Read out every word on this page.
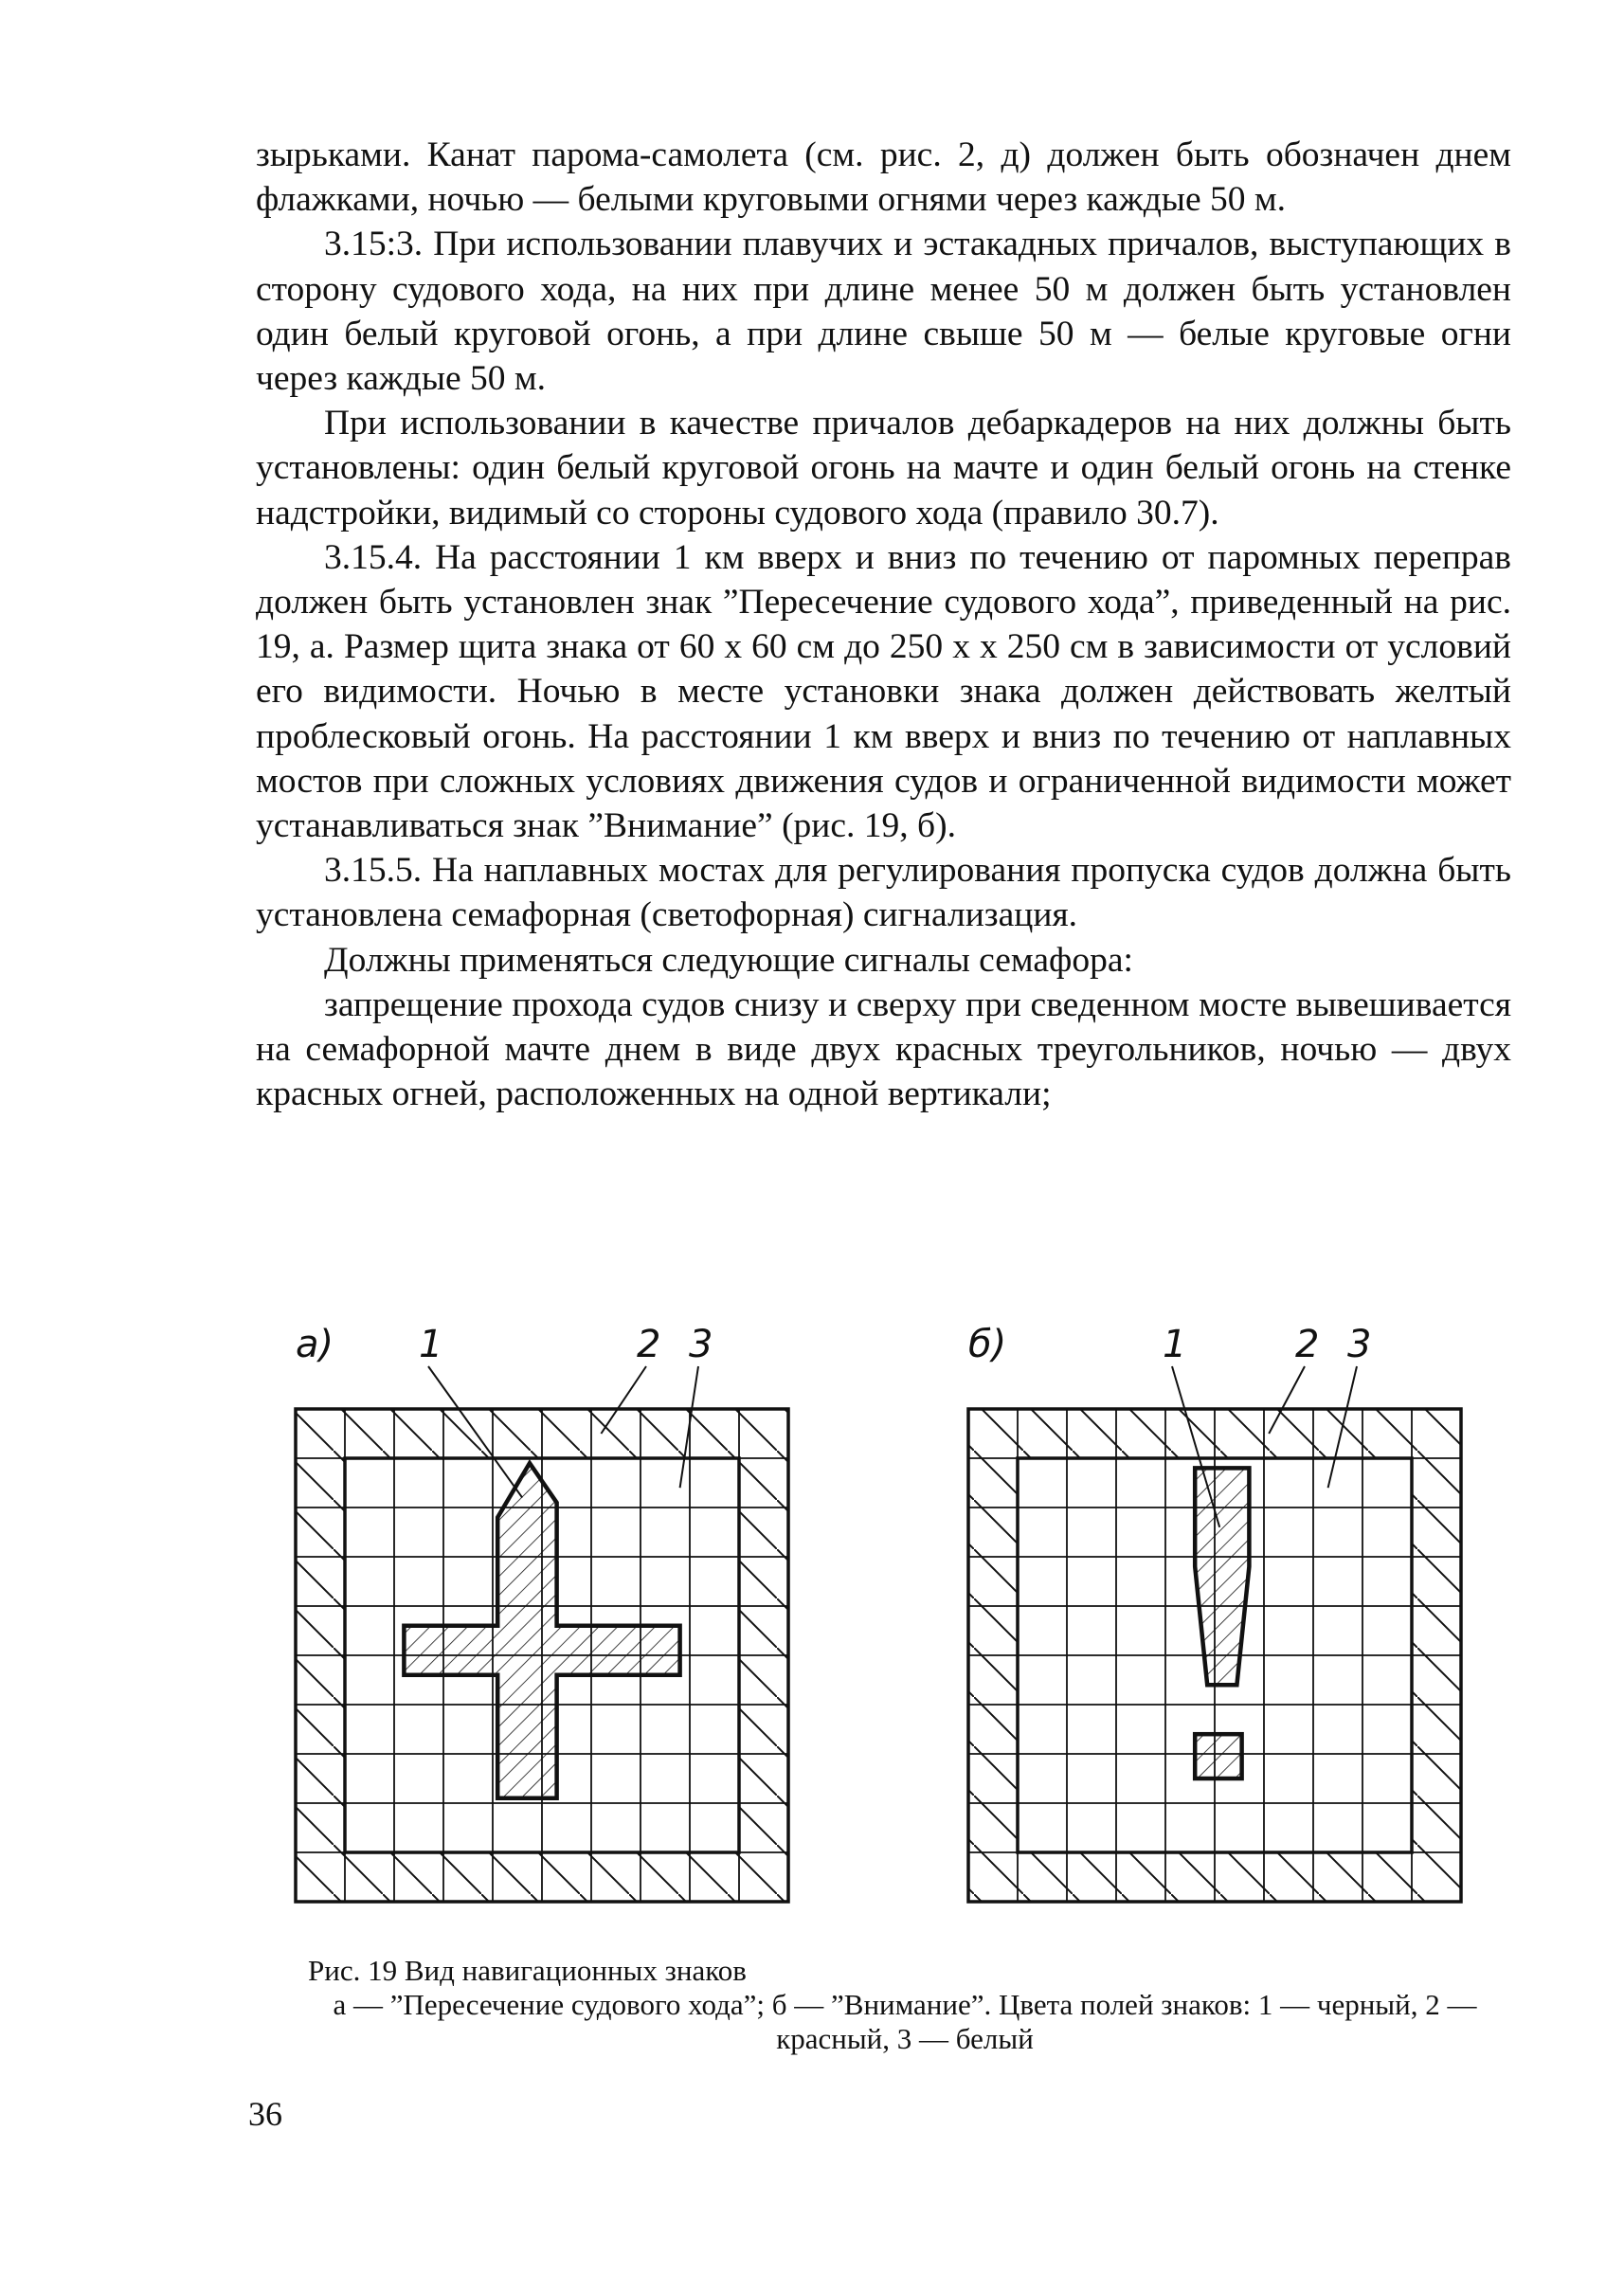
зырьками. Канат парома-самолета (см. рис. 2, д) должен быть обозначен днем флажками, ночью — белыми круговыми огнями через каждые 50 м.

3.15:3. При использовании плавучих и эстакадных причалов, выступающих в сторону судового хода, на них при длине менее 50 м должен быть установлен один белый круговой огонь, а при длине свыше 50 м — белые круговые огни через каждые 50 м.

При использовании в качестве причалов дебаркадеров на них должны быть установлены: один белый круговой огонь на мачте и один белый огонь на стенке надстройки, видимый со стороны судового хода (правило 30.7).

3.15.4. На расстоянии 1 км вверх и вниз по течению от паромных переправ должен быть установлен знак ”Пересечение судового хода”, приведенный на рис. 19, а. Размер щита знака от 60 x 60 см до 250 x x 250 см в зависимости от условий его видимости. Ночью в месте установки знака должен действовать желтый проблесковый огонь. На расстоянии 1 км вверх и вниз по течению от наплавных мостов при сложных условиях движения судов и ограниченной видимости может устанавливаться знак ”Внимание” (рис. 19, б).

3.15.5. На наплавных мостах для регулирования пропуска судов должна быть установлена семафорная (светофорная) сигнализация.

Должны применяться следующие сигналы семафора:

запрещение прохода судов снизу и сверху при сведенном мосте вывешивается на семафорной мачте днем в виде двух красных треугольников, ночью — двух красных огней, расположенных на одной вертикали;

а) 1	2 3	б)	1	2 3

Рис. 19 Вид навигационных знаков

а — ”Пересечение судового хода”; б — ”Внимание”. Цвета полей знаков: 1 — черный, 2 — красный, 3 — белый

36
